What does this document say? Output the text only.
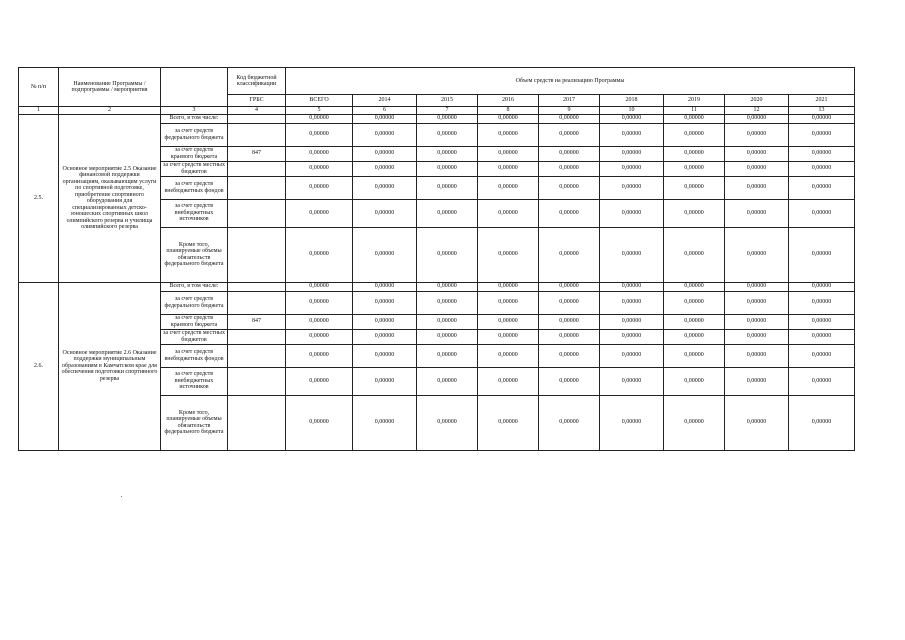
№ п/п	Наименование Программы / подпрограммы / мероприятия		Код бюджетной классификации	Объем средств на реализацию Программы								
			ГРБС	ВСЕГО	2014	2015	2016	2017	2018	2019	2020	2021
1	2	3	4	5	6	7	8	9	10	11	12	13
2.5.	Основное мероприятие 2.5 Оказание финансовой поддержки организациям, оказывающим услуги по спортивной подготовке, приобретение спортивного оборудования для специализированных детско-юношеских спортивных школ олимпийского резерва и училища олимпийского резерва	Всего, в том числе:		0,00000	0,00000	0,00000	0,00000	0,00000	0,00000	0,00000	0,00000	0,00000
		за счет средств федерального бюджета		0,00000	0,00000	0,00000	0,00000	0,00000	0,00000	0,00000	0,00000	0,00000
		за счет средств краевого бюджета	847	0,00000	0,00000	0,00000	0,00000	0,00000	0,00000	0,00000	0,00000	0,00000
		за счет средств местных бюджетов		0,00000	0,00000	0,00000	0,00000	0,00000	0,00000	0,00000	0,00000	0,00000
		за счет средств внебюджетных фондов		0,00000	0,00000	0,00000	0,00000	0,00000	0,00000	0,00000	0,00000	0,00000
		за счет средств внебюджетных источников		0,00000	0,00000	0,00000	0,00000	0,00000	0,00000	0,00000	0,00000	0,00000
		Кроме того, планируемые объемы обязательств федерального бюджета		0,00000	0,00000	0,00000	0,00000	0,00000	0,00000	0,00000	0,00000	0,00000
2.6.	Основное мероприятие 2.6 Оказание поддержки муниципальным образованиям в Камчатском крае для обеспечения подготовки спортивного резерва	Всего, в том числе:		0,00000	0,00000	0,00000	0,00000	0,00000	0,00000	0,00000	0,00000	0,00000
		за счет средств федерального бюджета		0,00000	0,00000	0,00000	0,00000	0,00000	0,00000	0,00000	0,00000	0,00000
		за счет средств краевого бюджета	847	0,00000	0,00000	0,00000	0,00000	0,00000	0,00000	0,00000	0,00000	0,00000
		за счет средств местных бюджетов		0,00000	0,00000	0,00000	0,00000	0,00000	0,00000	0,00000	0,00000	0,00000
		за счет средств внебюджетных фондов		0,00000	0,00000	0,00000	0,00000	0,00000	0,00000	0,00000	0,00000	0,00000
		за счет средств внебюджетных источников		0,00000	0,00000	0,00000	0,00000	0,00000	0,00000	0,00000	0,00000	0,00000
		Кроме того, планируемые объемы обязательств федерального бюджета		0,00000	0,00000	0,00000	0,00000	0,00000	0,00000	0,00000	0,00000	0,00000
